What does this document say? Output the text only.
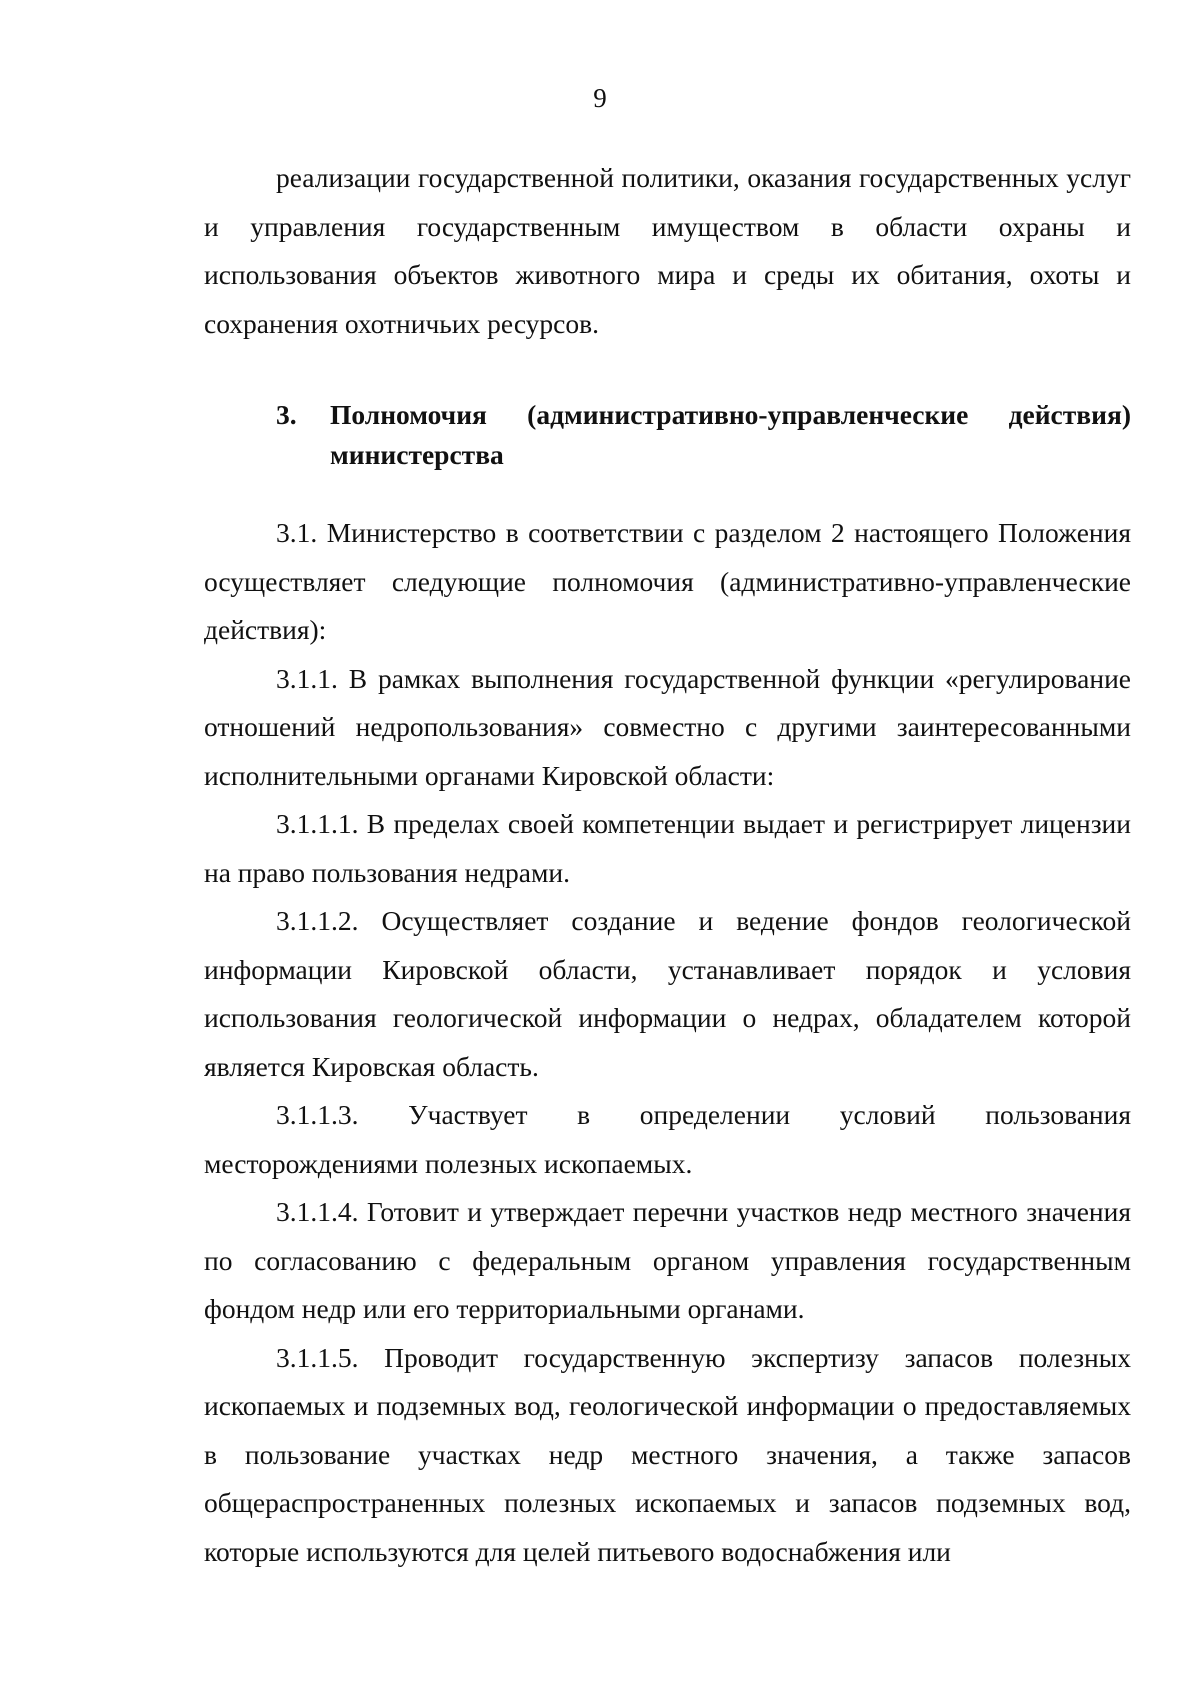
9

реализации государственной политики, оказания государственных услуг и управления государственным имуществом в области охраны и использования объектов животного мира и среды их обитания, охоты и сохранения охотничьих ресурсов.

3. Полномочия (административно-управленческие действия) министерства

3.1. Министерство в соответствии с разделом 2 настоящего Положения осуществляет следующие полномочия (административно-управленческие действия):

3.1.1. В рамках выполнения государственной функции «регулирование отношений недропользования» совместно с другими заинтересованными исполнительными органами Кировской области:

3.1.1.1. В пределах своей компетенции выдает и регистрирует лицензии на право пользования недрами.

3.1.1.2. Осуществляет создание и ведение фондов геологической информации Кировской области, устанавливает порядок и условия использования геологической информации о недрах, обладателем которой является Кировская область.

3.1.1.3. Участвует в определении условий пользования месторождениями полезных ископаемых.

3.1.1.4. Готовит и утверждает перечни участков недр местного значения по согласованию с федеральным органом управления государственным фондом недр или его территориальными органами.

3.1.1.5. Проводит государственную экспертизу запасов полезных ископаемых и подземных вод, геологической информации о предоставляемых в пользование участках недр местного значения, а также запасов общераспространенных полезных ископаемых и запасов подземных вод, которые используются для целей питьевого водоснабжения или
